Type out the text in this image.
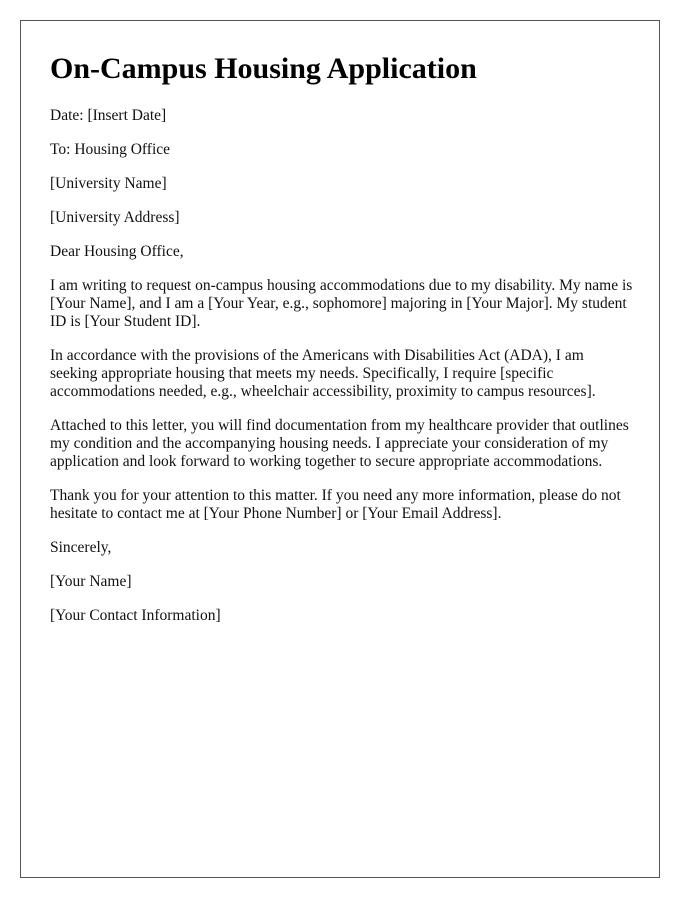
On-Campus Housing Application

Date: [Insert Date]

To: Housing Office

[University Name]

[University Address]

Dear Housing Office,

I am writing to request on-campus housing accommodations due to my disability. My name is [Your Name], and I am a [Your Year, e.g., sophomore] majoring in [Your Major]. My student ID is [Your Student ID].

In accordance with the provisions of the Americans with Disabilities Act (ADA), I am seeking appropriate housing that meets my needs. Specifically, I require [specific accommodations needed, e.g., wheelchair accessibility, proximity to campus resources].

Attached to this letter, you will find documentation from my healthcare provider that outlines my condition and the accompanying housing needs. I appreciate your consideration of my application and look forward to working together to secure appropriate accommodations.

Thank you for your attention to this matter. If you need any more information, please do not hesitate to contact me at [Your Phone Number] or [Your Email Address].

Sincerely,

[Your Name]

[Your Contact Information]
